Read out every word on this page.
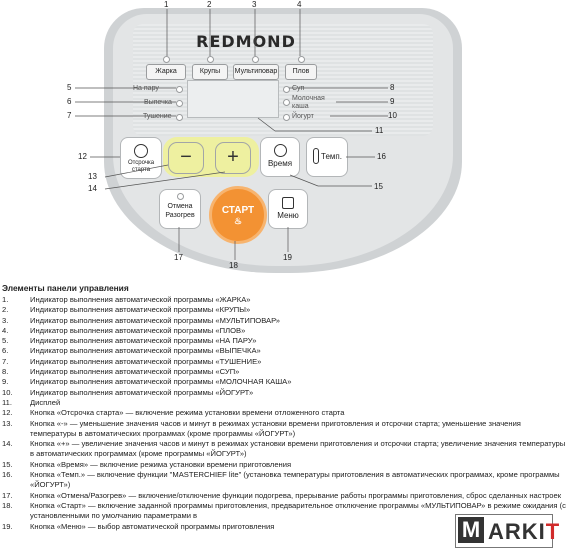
REDMOND
Жарка	Крупы	Мультиповар	Плов
На пару
Выпечка
Тушение
Суп
Молочная каша
Йогурт
Отсрочка старта
−	+	Время
Темп.
Отмена Разогрев	СТАРТ
♨
Меню
1	2	3	4
5
6
7
8
9
10
11
12
13
14	15
16
17
18
19
Элементы панели управления
1.	Индикатор выполнения автоматической программы «ЖАРКА»
2.	Индикатор выполнения автоматической программы «КРУПЫ»
3.	Индикатор выполнения автоматической программы «МУЛЬТИПОВАР»
4.	Индикатор выполнения автоматической программы «ПЛОВ»
5.	Индикатор выполнения автоматической программы «НА ПАРУ»
6.	Индикатор выполнения автоматической программы «ВЫПЕЧКА»
7.	Индикатор выполнения автоматической программы «ТУШЕНИЕ»
8.	Индикатор выполнения автоматической программы «СУП»
9.	Индикатор выполнения автоматической программы «МОЛОЧНАЯ КАША»
10.	Индикатор выполнения автоматической программы «ЙОГУРТ»
11.	Дисплей
12.	Кнопка «Отсрочка старта» — включение режима установки времени отложенного старта
13.	Кнопка «-» — уменьшение значения часов и минут в режимах установки времени приготовления и отсрочки старта; уменьшение значения температуры в автоматических программах (кроме программы «ЙОГУРТ»)
14.	Кнопка «+» — увеличение значения часов и минут в режимах установки времени приготовления и отсрочки старта; увеличение значения температуры в автоматических программах (кроме программы «ЙОГУРТ»)
15.	Кнопка «Время» — включение режима установки времени приготовления
16.	Кнопка «Темп.» — включение функции "MASTERCHIEF lite" (установка температуры приготовления в автоматических программах, кроме программы «ЙОГУРТ»)
17.	Кнопка «Отмена/Разогрев» — включение/отключение функции подогрева, прерывание работы программы приготовления, сброс сделанных настроек
18.	Кнопка «Старт» — включение заданной программы приготовления, предварительное отключение программы «МУЛЬТИПОВАР» в режиме ожидания (с установленными по умолчанию параметрами в
19.	Кнопка «Меню» — выбор автоматической программы приготовления	M ARKIT
